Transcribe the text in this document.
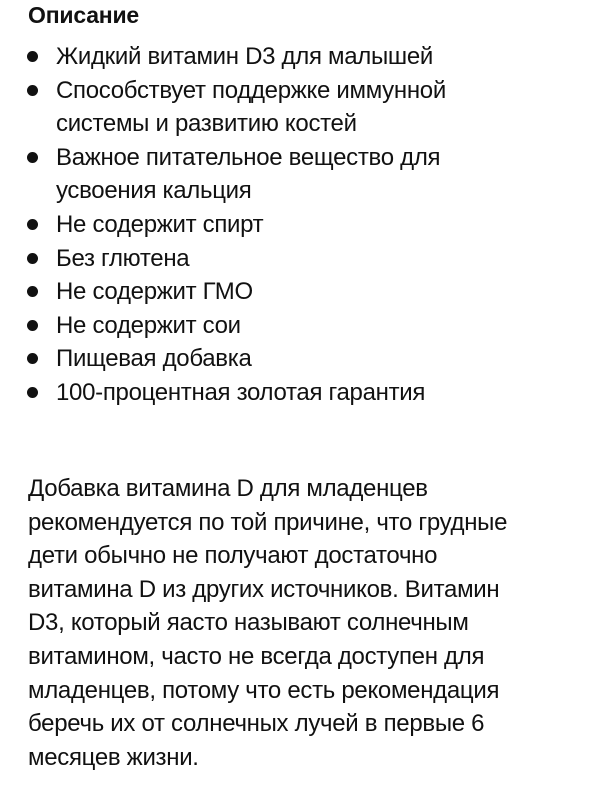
Описание
Жидкий витамин D3 для малышей
Способствует поддержке иммунной
системы и развитию костей
Важное питательное вещество для
усвоения кальция
Не содержит спирт
Без глютена
Не содержит ГМО
Не содержит сои
Пищевая добавка
100-процентная золотая гарантия

Добавка витамина D для младенцев
рекомендуется по той причине, что грудные
дети обычно не получают достаточно
витамина D из других источников. Витамин
D3, который яасто называют солнечным
витамином, часто не всегда доступен для
младенцев, потому что есть рекомендация
беречь их от солнечных лучей в первые 6
месяцев жизни.
